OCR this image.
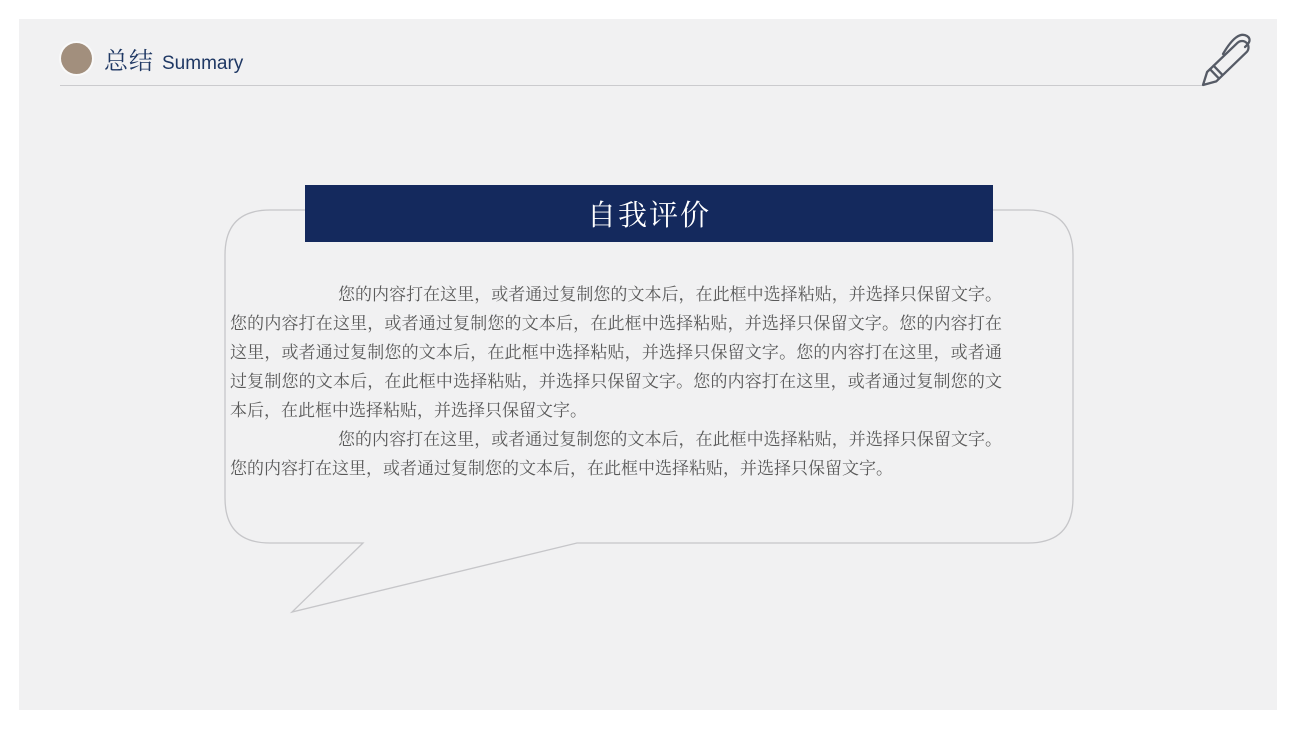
总结 Summary
自我评价

您的内容打在这里，或者通过复制您的文本后，在此框中选择粘贴，并选择只保留文字。您的内容打在这里，或者通过复制您的文本后，在此框中选择粘贴，并选择只保留文字。您的内容打在这里，或者通过复制您的文本后，在此框中选择粘贴，并选择只保留文字。您的内容打在这里，或者通过复制您的文本后，在此框中选择粘贴，并选择只保留文字。您的内容打在这里，或者通过复制您的文本后，在此框中选择粘贴，并选择只保留文字。

您的内容打在这里，或者通过复制您的文本后，在此框中选择粘贴，并选择只保留文字。您的内容打在这里，或者通过复制您的文本后，在此框中选择粘贴，并选择只保留文字。
